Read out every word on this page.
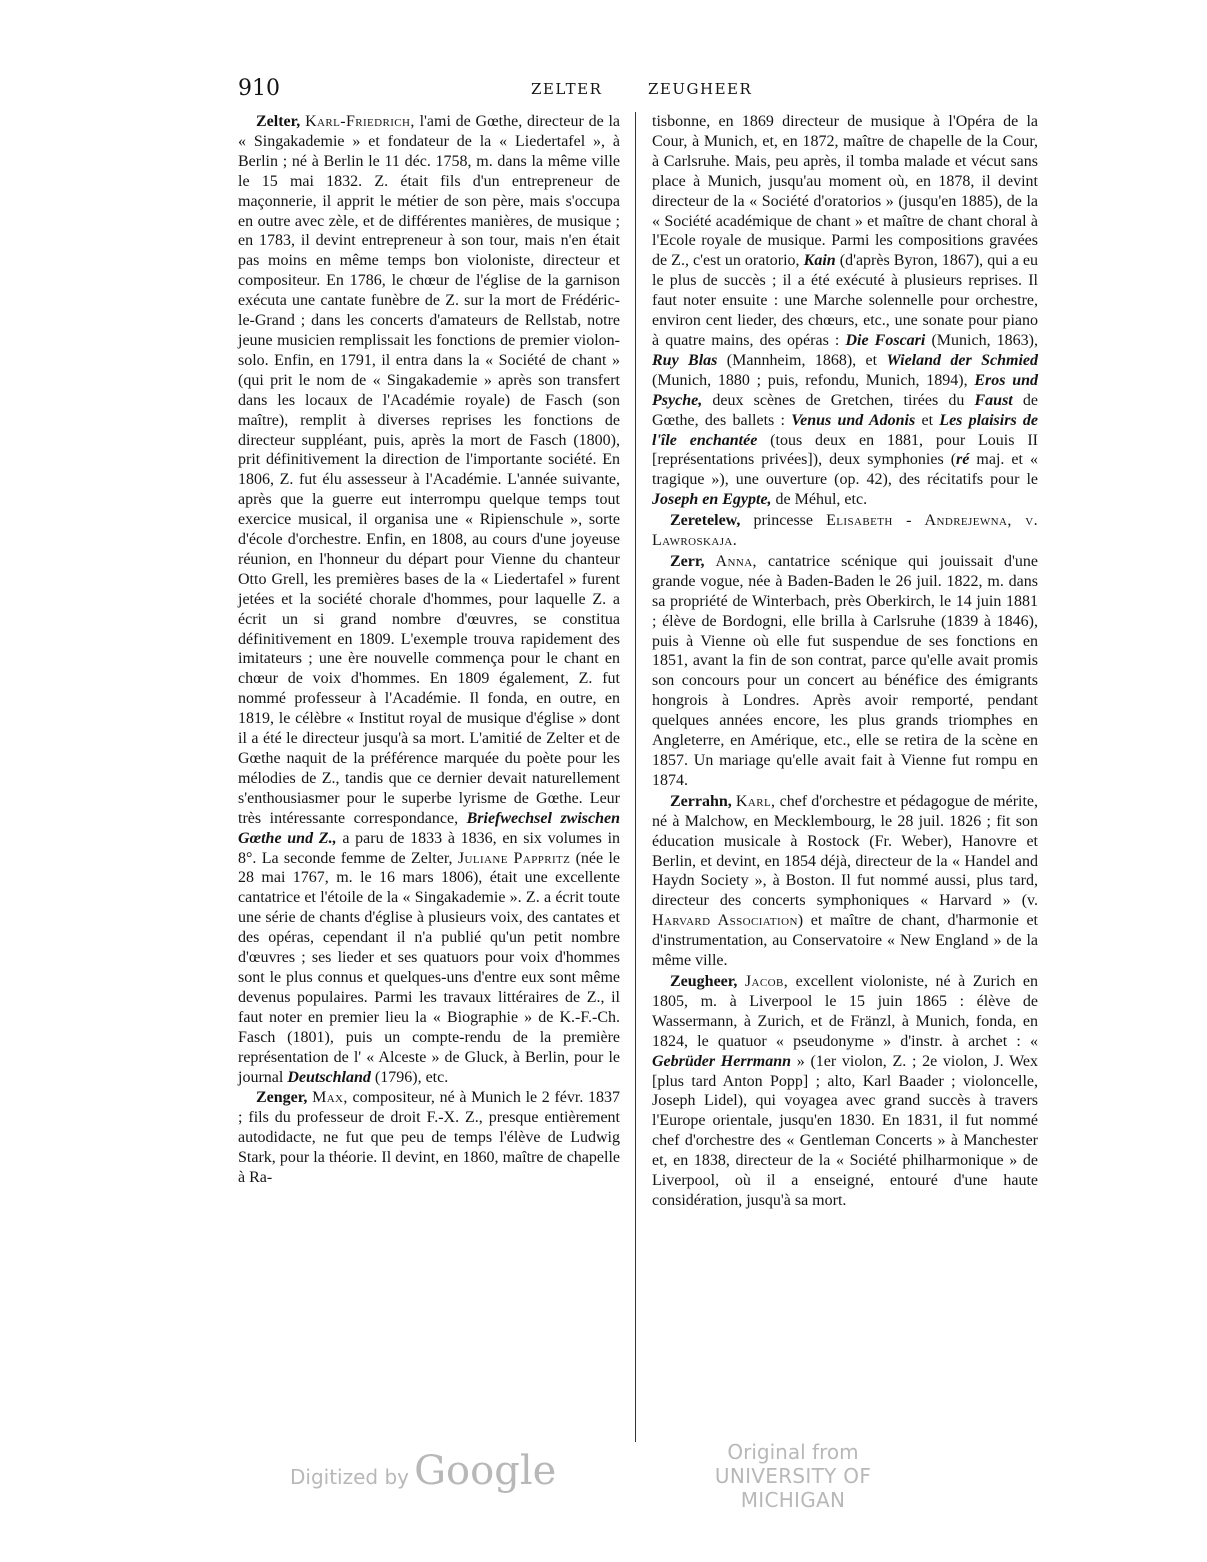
910	ZELTER	ZEUGHEER

Zelter, Karl-Friedrich, l'ami de Gœthe, directeur de la « Singakademie » et fondateur de la « Liedertafel », à Berlin ; né à Berlin le 11 déc. 1758, m. dans la même ville le 15 mai 1832. Z. était fils d'un entrepreneur de maçonnerie, il apprit le métier de son père, mais s'occupa en outre avec zèle, et de différentes manières, de musique ; en 1783, il devint entrepreneur à son tour, mais n'en était pas moins en même temps bon violoniste, directeur et compositeur. En 1786, le chœur de l'église de la garnison exécuta une cantate funèbre de Z. sur la mort de Frédéric-le-Grand ; dans les concerts d'amateurs de Rellstab, notre jeune musicien remplissait les fonctions de premier violon-solo. Enfin, en 1791, il entra dans la « Société de chant » (qui prit le nom de « Singakademie » après son transfert dans les locaux de l'Académie royale) de Fasch (son maître), remplit à diverses reprises les fonctions de directeur suppléant, puis, après la mort de Fasch (1800), prit définitivement la direction de l'importante société. En 1806, Z. fut élu assesseur à l'Académie. L'année suivante, après que la guerre eut interrompu quelque temps tout exercice musical, il organisa une « Ripienschule », sorte d'école d'orchestre. Enfin, en 1808, au cours d'une joyeuse réunion, en l'honneur du départ pour Vienne du chanteur Otto Grell, les premières bases de la « Liedertafel » furent jetées et la société chorale d'hommes, pour laquelle Z. a écrit un si grand nombre d'œuvres, se constitua définitivement en 1809. L'exemple trouva rapidement des imitateurs ; une ère nouvelle commença pour le chant en chœur de voix d'hommes. En 1809 également, Z. fut nommé professeur à l'Académie. Il fonda, en outre, en 1819, le célèbre « Institut royal de musique d'église » dont il a été le directeur jusqu'à sa mort. L'amitié de Zelter et de Gœthe naquit de la préférence marquée du poète pour les mélodies de Z., tandis que ce dernier devait naturellement s'enthousiasmer pour le superbe lyrisme de Gœthe. Leur très intéressante correspondance, Briefwechsel zwischen Gœthe und Z., a paru de 1833 à 1836, en six volumes in 8°. La seconde femme de Zelter, Juliane Pappritz (née le 28 mai 1767, m. le 16 mars 1806), était une excellente cantatrice et l'étoile de la « Singakademie ». Z. a écrit toute une série de chants d'église à plusieurs voix, des cantates et des opéras, cependant il n'a publié qu'un petit nombre d'œuvres ; ses lieder et ses quatuors pour voix d'hommes sont le plus connus et quelques-uns d'entre eux sont même devenus populaires. Parmi les travaux littéraires de Z., il faut noter en premier lieu la « Biographie » de K.-F.-Ch. Fasch (1801), puis un compte-rendu de la première représentation de l' « Alceste » de Gluck, à Berlin, pour le journal Deutschland (1796), etc.

Zenger, Max, compositeur, né à Munich le 2 févr. 1837 ; fils du professeur de droit F.-X. Z., presque entièrement autodidacte, ne fut que peu de temps l'élève de Ludwig Stark, pour la théorie. Il devint, en 1860, maître de chapelle à Ra-

tisbonne, en 1869 directeur de musique à l'Opéra de la Cour, à Munich, et, en 1872, maître de chapelle de la Cour, à Carlsruhe. Mais, peu après, il tomba malade et vécut sans place à Munich, jusqu'au moment où, en 1878, il devint directeur de la « Société d'oratorios » (jusqu'en 1885), de la « Société académique de chant » et maître de chant choral à l'Ecole royale de musique. Parmi les compositions gravées de Z., c'est un oratorio, Kain (d'après Byron, 1867), qui a eu le plus de succès ; il a été exécuté à plusieurs reprises. Il faut noter ensuite : une Marche solennelle pour orchestre, environ cent lieder, des chœurs, etc., une sonate pour piano à quatre mains, des opéras : Die Foscari (Munich, 1863), Ruy Blas (Mannheim, 1868), et Wieland der Schmied (Munich, 1880 ; puis, refondu, Munich, 1894), Eros und Psyche, deux scènes de Gretchen, tirées du Faust de Gœthe, des ballets : Venus und Adonis et Les plaisirs de l'île enchantée (tous deux en 1881, pour Louis II [représentations privées]), deux symphonies (ré maj. et « tragique »), une ouverture (op. 42), des récitatifs pour le Joseph en Egypte, de Méhul, etc.

Zeretelew, princesse Elisabeth - Andrejewna, v. Lawroskaja.

Zerr, Anna, cantatrice scénique qui jouissait d'une grande vogue, née à Baden-Baden le 26 juil. 1822, m. dans sa propriété de Winterbach, près Oberkirch, le 14 juin 1881 ; élève de Bordogni, elle brilla à Carlsruhe (1839 à 1846), puis à Vienne où elle fut suspendue de ses fonctions en 1851, avant la fin de son contrat, parce qu'elle avait promis son concours pour un concert au bénéfice des émigrants hongrois à Londres. Après avoir remporté, pendant quelques années encore, les plus grands triomphes en Angleterre, en Amérique, etc., elle se retira de la scène en 1857. Un mariage qu'elle avait fait à Vienne fut rompu en 1874.

Zerrahn, Karl, chef d'orchestre et pédagogue de mérite, né à Malchow, en Mecklembourg, le 28 juil. 1826 ; fit son éducation musicale à Rostock (Fr. Weber), Hanovre et Berlin, et devint, en 1854 déjà, directeur de la « Handel and Haydn Society », à Boston. Il fut nommé aussi, plus tard, directeur des concerts symphoniques « Harvard » (v. Harvard Association) et maître de chant, d'harmonie et d'instrumentation, au Conservatoire « New England » de la même ville.

Zeugheer, Jacob, excellent violoniste, né à Zurich en 1805, m. à Liverpool le 15 juin 1865 : élève de Wassermann, à Zurich, et de Fränzl, à Munich, fonda, en 1824, le quatuor « pseudonyme » d'instr. à archet : « Gebrüder Herrmann » (1er violon, Z. ; 2e violon, J. Wex [plus tard Anton Popp] ; alto, Karl Baader ; violoncelle, Joseph Lidel), qui voyagea avec grand succès à travers l'Europe orientale, jusqu'en 1830. En 1831, il fut nommé chef d'orchestre des « Gentleman Concerts » à Manchester et, en 1838, directeur de la « Société philharmonique » de Liverpool, où il a enseigné, entouré d'une haute considération, jusqu'à sa mort.

Digitized by Google	Original from
UNIVERSITY OF MICHIGAN
